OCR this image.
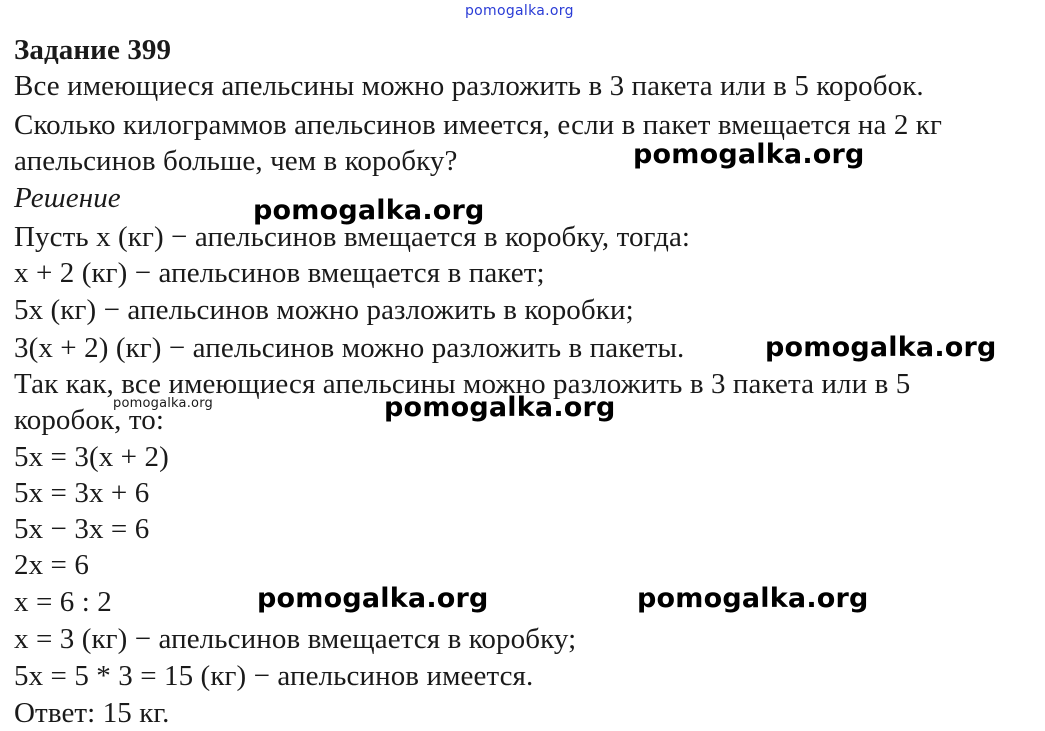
pomogalka.org
Задание 399
Все имеющиеся апельсины можно разложить в 3 пакета или в 5 коробок.
Сколько килограммов апельсинов имеется, если в пакет вмещается на 2 кг
апельсинов больше, чем в коробку?
Решение
Пусть x (кг) − апельсинов вмещается в коробку, тогда:
x + 2 (кг) − апельсинов вмещается в пакет;
5x (кг) − апельсинов можно разложить в коробки;
3(x + 2) (кг) − апельсинов можно разложить в пакеты.
Так как, все имеющиеся апельсины можно разложить в 3 пакета или в 5
коробок, то:
5x = 3(x + 2)
5x = 3x + 6
5x − 3x = 6
2x = 6
x = 6 : 2
x = 3 (кг) − апельсинов вмещается в коробку;
5x = 5 * 3 = 15 (кг) − апельсинов имеется.
Ответ: 15 кг.
pomogalka.org
pomogalka.org
pomogalka.org
pomogalka.org
pomogalka.org
pomogalka.org	pomogalka.org
